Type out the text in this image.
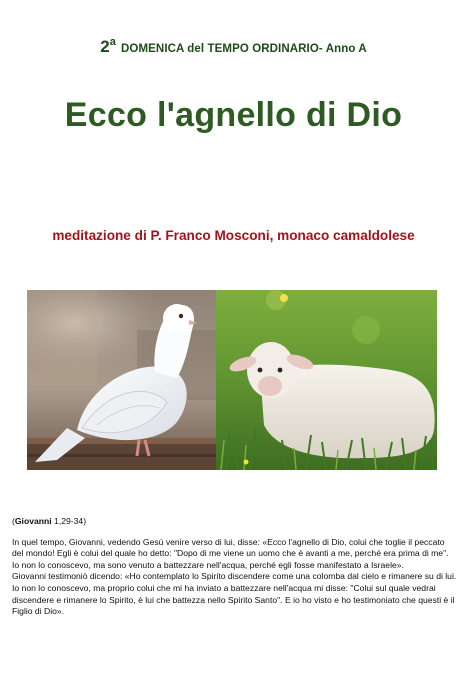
2aDOMENICA del TEMPO ORDINARIO- Anno A
Ecco l'agnello di Dio
meditazione di P. Franco Mosconi, monaco camaldolese

(Giovanni 1,29-34)

In quel tempo, Giovanni, vedendo Gesù venire verso di lui, disse: «Ecco l'agnello di Dio, colui che toglie il peccato del mondo! Egli è colui del quale ho detto: "Dopo di me viene un uomo che è avanti a me, perché era prima di me". Io non lo conoscevo, ma sono venuto a battezzare nell'acqua, perché egli fosse manifestato a Israele».

Giovanni testimoniò dicendo: «Ho contemplato lo Spirito discendere come una colomba dal cielo e rimanere su di lui. Io non lo conoscevo, ma proprio colui che mi ha inviato a battezzare nell'acqua mi disse: "Colui sul quale vedrai discendere e rimanere lo Spirito, è lui che battezza nello Spirito Santo". E io ho visto e ho testimoniato che questi è il Figlio di Dio».
